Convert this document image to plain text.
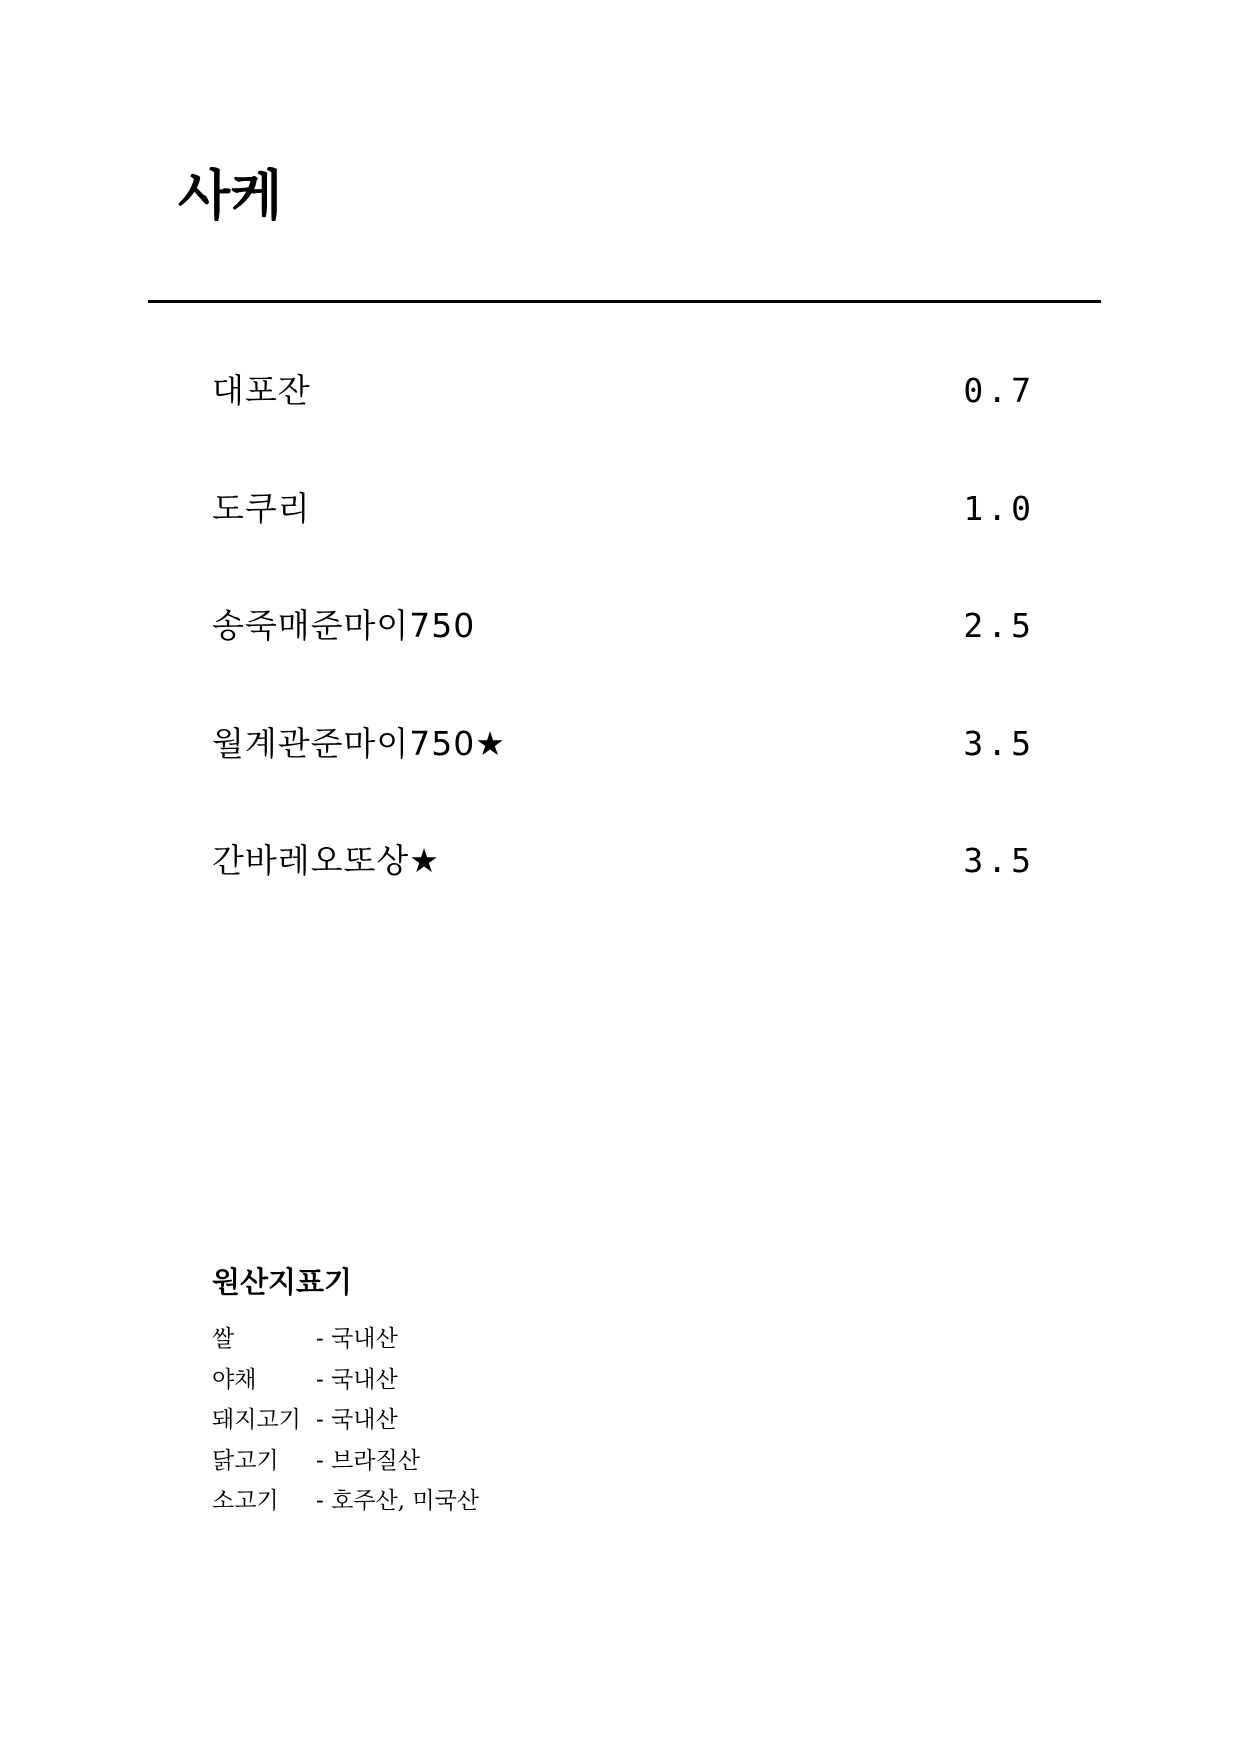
사케
대포잔	0.7
도쿠리	1.0
송죽매준마이750	2.5
월계관준마이750★	3.5
간바레오또상★	3.5
원산지표기
쌀	- 국내산
야채	- 국내산
돼지고기 - 국내산
닭고기 - 브라질산
소고기 - 호주산, 미국산
